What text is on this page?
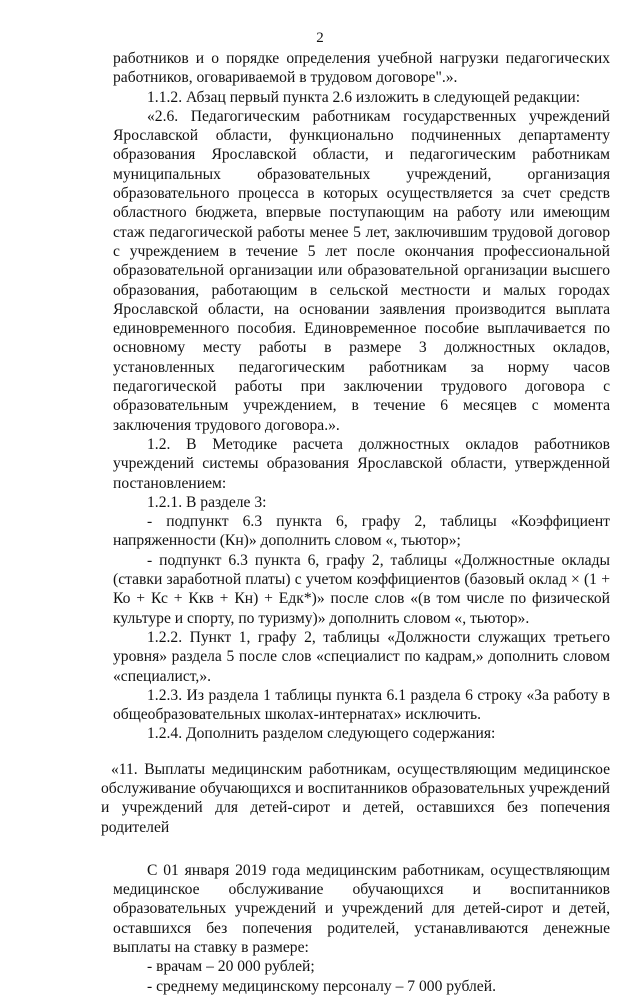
2

работников и о порядке определения учебной нагрузки педагогических работников, оговариваемой в трудовом договоре".».

1.1.2. Абзац первый пункта 2.6 изложить в следующей редакции:

«2.6. Педагогическим работникам государственных учреждений Ярославской области, функционально подчиненных департаменту образования Ярославской области, и педагогическим работникам муниципальных образовательных учреждений, организация образовательного процесса в которых осуществляется за счет средств областного бюджета, впервые поступающим на работу или имеющим стаж педагогической работы менее 5 лет, заключившим трудовой договор с учреждением в течение 5 лет после окончания профессиональной образовательной организации или образовательной организации высшего образования, работающим в сельской местности и малых городах Ярославской области, на основании заявления производится выплата единовременного пособия. Единовременное пособие выплачивается по основному месту работы в размере 3 должностных окладов, установленных педагогическим работникам за норму часов педагогической работы при заключении трудового договора с образовательным учреждением, в течение 6 месяцев с момента заключения трудового договора.».

1.2. В Методике расчета должностных окладов работников учреждений системы образования Ярославской области, утвержденной постановлением:

1.2.1. В разделе 3:

- подпункт 6.3 пункта 6, графу 2, таблицы «Коэффициент напряженности (Кн)» дополнить словом «, тьютор»;

- подпункт 6.3 пункта 6, графу 2, таблицы «Должностные оклады (ставки заработной платы) с учетом коэффициентов (базовый оклад × (1 + Ко + Кс + Ккв + Кн) + Едк*)» после слов «(в том числе по физической культуре и спорту, по туризму)» дополнить словом «, тьютор».

1.2.2. Пункт 1, графу 2, таблицы «Должности служащих третьего уровня» раздела 5 после слов «специалист по кадрам,» дополнить словом «специалист,».

1.2.3. Из раздела 1 таблицы пункта 6.1 раздела 6 строку «За работу в общеобразовательных школах-интернатах» исключить.

1.2.4. Дополнить разделом следующего содержания:

«11. Выплаты медицинским работникам, осуществляющим медицинское обслуживание обучающихся и воспитанников образовательных учреждений и учреждений для детей-сирот и детей, оставшихся без попечения родителей

С 01 января 2019 года медицинским работникам, осуществляющим медицинское обслуживание обучающихся и воспитанников образовательных учреждений и учреждений для детей-сирот и детей, оставшихся без попечения родителей, устанавливаются денежные выплаты на ставку в размере:

- врачам – 20 000 рублей;

- среднему медицинскому персоналу – 7 000 рублей.
